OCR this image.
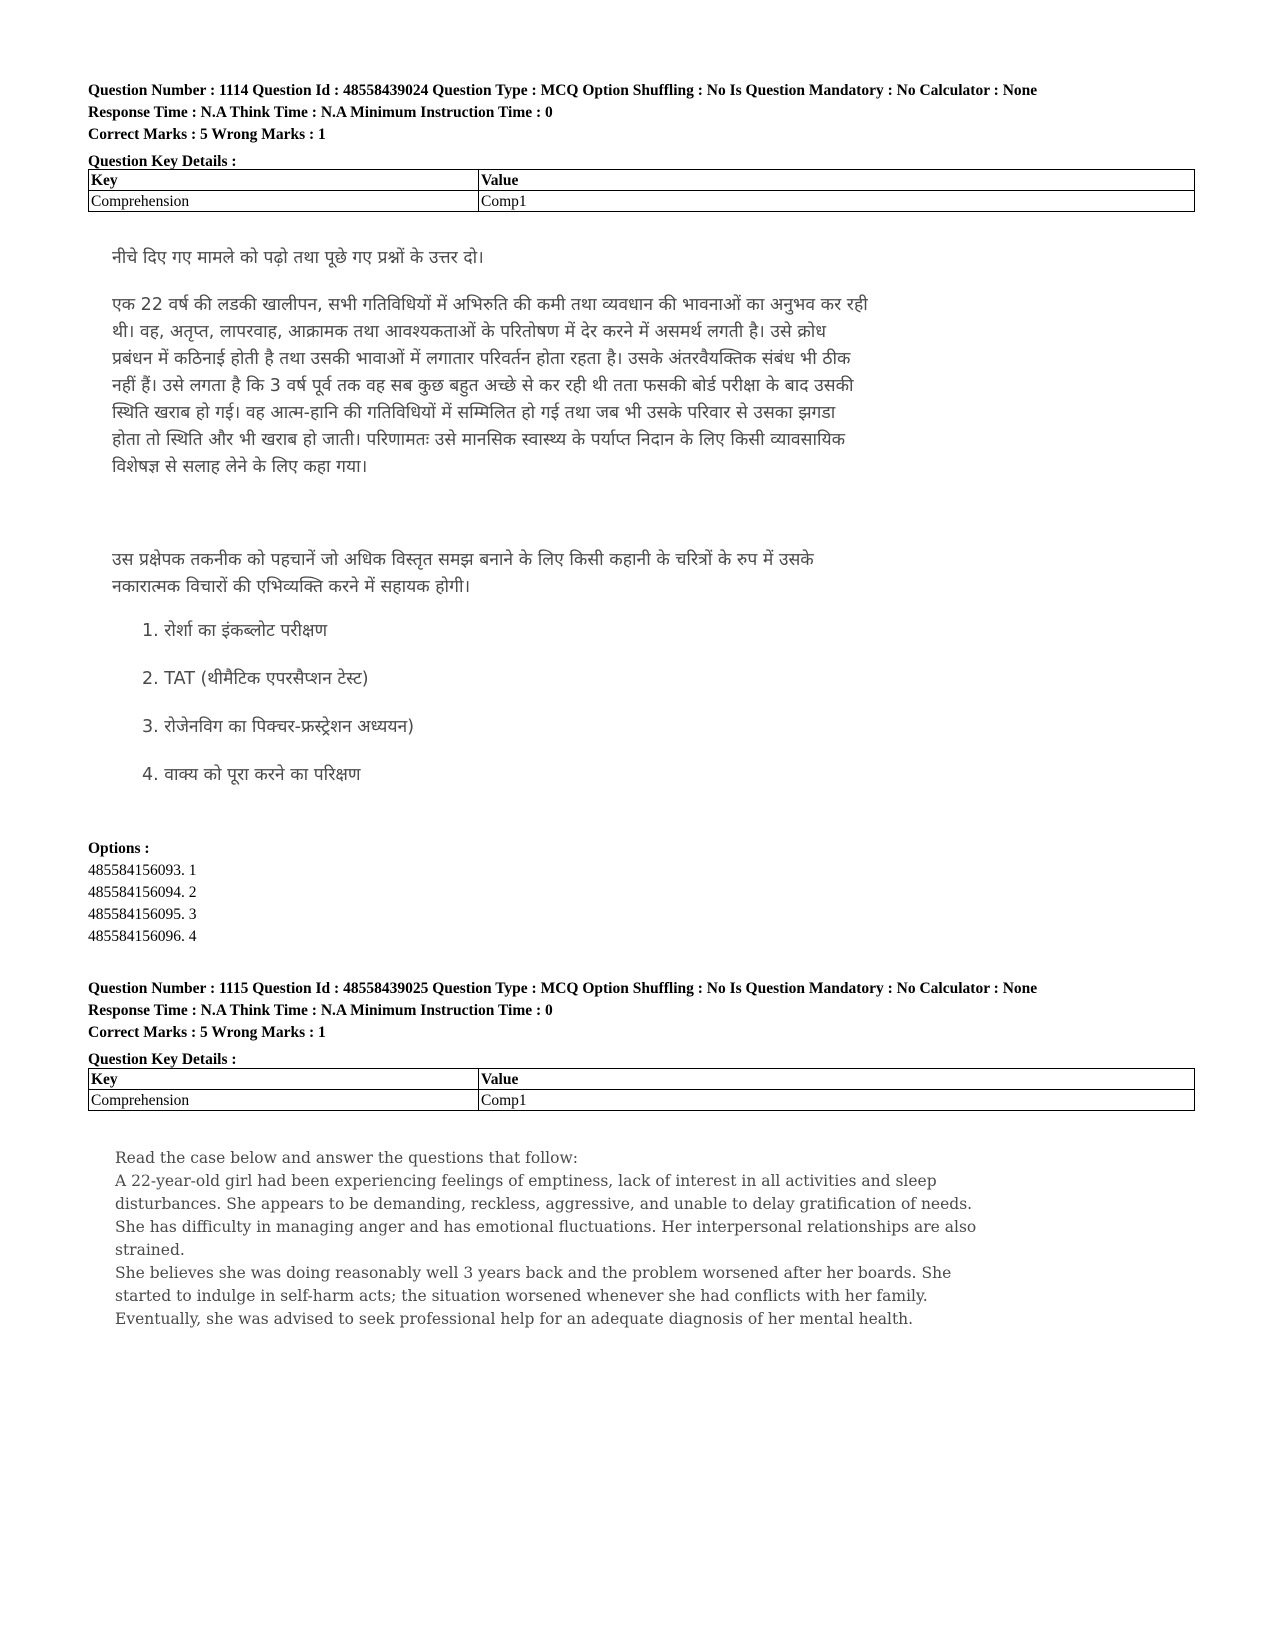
Question Number : 1114 Question Id : 48558439024 Question Type : MCQ Option Shuffling : No Is Question Mandatory : No Calculator : None
Response Time : N.A Think Time : N.A Minimum Instruction Time : 0
Correct Marks : 5 Wrong Marks : 1
Question Key Details :
Key	Value
Comprehension	Comp1

नीचे दिए गए मामले को पढ़ो तथा पूछे गए प्रश्नों के उत्तर दो।

एक 22 वर्ष की लडकी खालीपन, सभी गतिविधियों में अभिरुति की कमी तथा व्यवधान की भावनाओं का अनुभव कर रही

थी। वह, अतृप्त, लापरवाह, आक्रामक तथा आवश्यकताओं के परितोषण में देर करने में असमर्थ लगती है। उसे क्रोध

प्रबंधन में कठिनाई होती है तथा उसकी भावाओं में लगातार परिवर्तन होता रहता है। उसके अंतरवैयक्तिक संबंध भी ठीक

नहीं हैं। उसे लगता है कि 3 वर्ष पूर्व तक वह सब कुछ बहुत अच्छे से कर रही थी तता फसकी बोर्ड परीक्षा के बाद उसकी

स्थिति खराब हो गई। वह आत्म-हानि की गतिविधियों में सम्मिलित हो गई तथा जब भी उसके परिवार से उसका झगडा

होता तो स्थिति और भी खराब हो जाती। परिणामतः उसे मानसिक स्वास्थ्य के पर्याप्त निदान के लिए किसी व्यावसायिक

विशेषज्ञ से सलाह लेने के लिए कहा गया।

उस प्रक्षेपक तकनीक को पहचानें जो अधिक विस्तृत समझ बनाने के लिए किसी कहानी के चरित्रों के रुप में उसके

नकारात्मक विचारों की एभिव्यक्ति करने में सहायक होगी।

1. रोर्शा का इंकब्लोट परीक्षण

2. TAT (थीमैटिक एपरसैप्शन टेस्ट)

3. रोजेनविग का पिक्चर-फ्रस्ट्रेशन अध्ययन)

4. वाक्य को पूरा करने का परिक्षण

Options :
485584156093. 1
485584156094. 2
485584156095. 3
485584156096. 4
Question Number : 1115 Question Id : 48558439025 Question Type : MCQ Option Shuffling : No Is Question Mandatory : No Calculator : None
Response Time : N.A Think Time : N.A Minimum Instruction Time : 0
Correct Marks : 5 Wrong Marks : 1
Question Key Details :
Key	Value
Comprehension	Comp1

Read the case below and answer the questions that follow:

A 22-year-old girl had been experiencing feelings of emptiness, lack of interest in all activities and sleep

disturbances. She appears to be demanding, reckless, aggressive, and unable to delay gratification of needs.

She has difficulty in managing anger and has emotional fluctuations. Her interpersonal relationships are also

strained.

She believes she was doing reasonably well 3 years back and the problem worsened after her boards. She

started to indulge in self-harm acts; the situation worsened whenever she had conflicts with her family.

Eventually, she was advised to seek professional help for an adequate diagnosis of her mental health.
